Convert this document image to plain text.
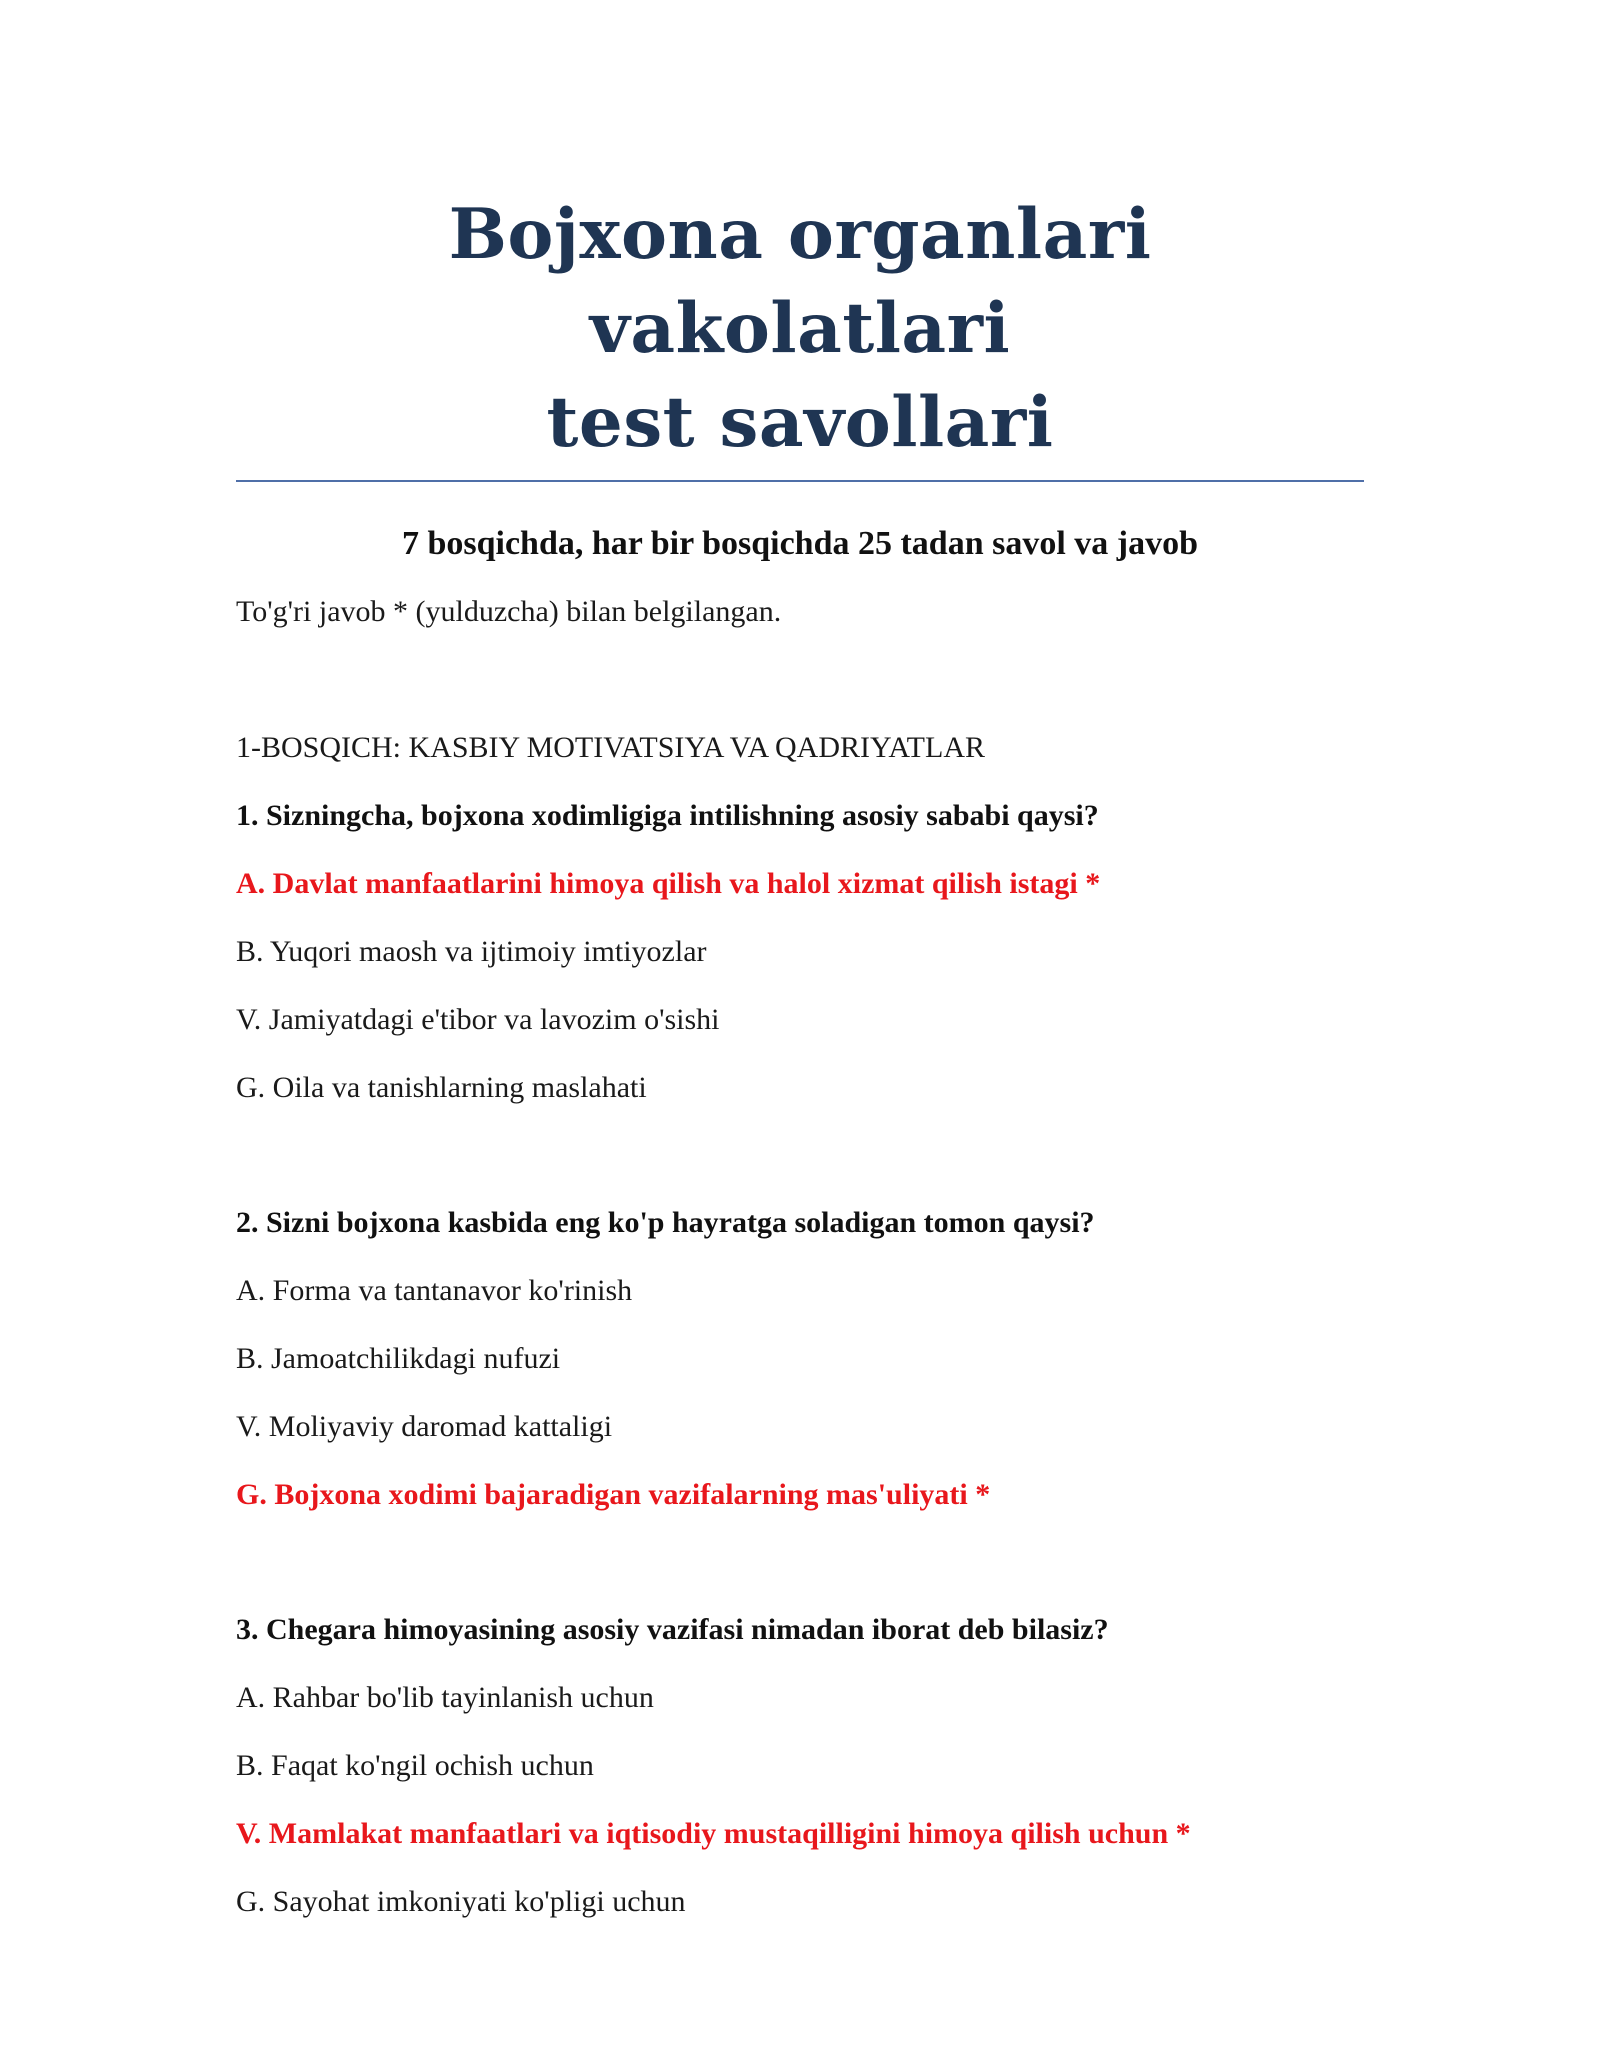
Bojxona organlari vakolatlari
test savollari

7 bosqichda, har bir bosqichda 25 tadan savol va javob

To'g'ri javob * (yulduzcha) bilan belgilangan.

1-BOSQICH: KASBIY MOTIVATSIYA VA QADRIYATLAR

1. Sizningcha, bojxona xodimligiga intilishning asosiy sababi qaysi?

A. Davlat manfaatlarini himoya qilish va halol xizmat qilish istagi *

B. Yuqori maosh va ijtimoiy imtiyozlar

V. Jamiyatdagi e'tibor va lavozim o'sishi

G. Oila va tanishlarning maslahati

2. Sizni bojxona kasbida eng ko'p hayratga soladigan tomon qaysi?

A. Forma va tantanavor ko'rinish

B. Jamoatchilikdagi nufuzi

V. Moliyaviy daromad kattaligi

G. Bojxona xodimi bajaradigan vazifalarning mas'uliyati *

3. Chegara himoyasining asosiy vazifasi nimadan iborat deb bilasiz?

A. Rahbar bo'lib tayinlanish uchun

B. Faqat ko'ngil ochish uchun

V. Mamlakat manfaatlari va iqtisodiy mustaqilligini himoya qilish uchun *

G. Sayohat imkoniyati ko'pligi uchun
